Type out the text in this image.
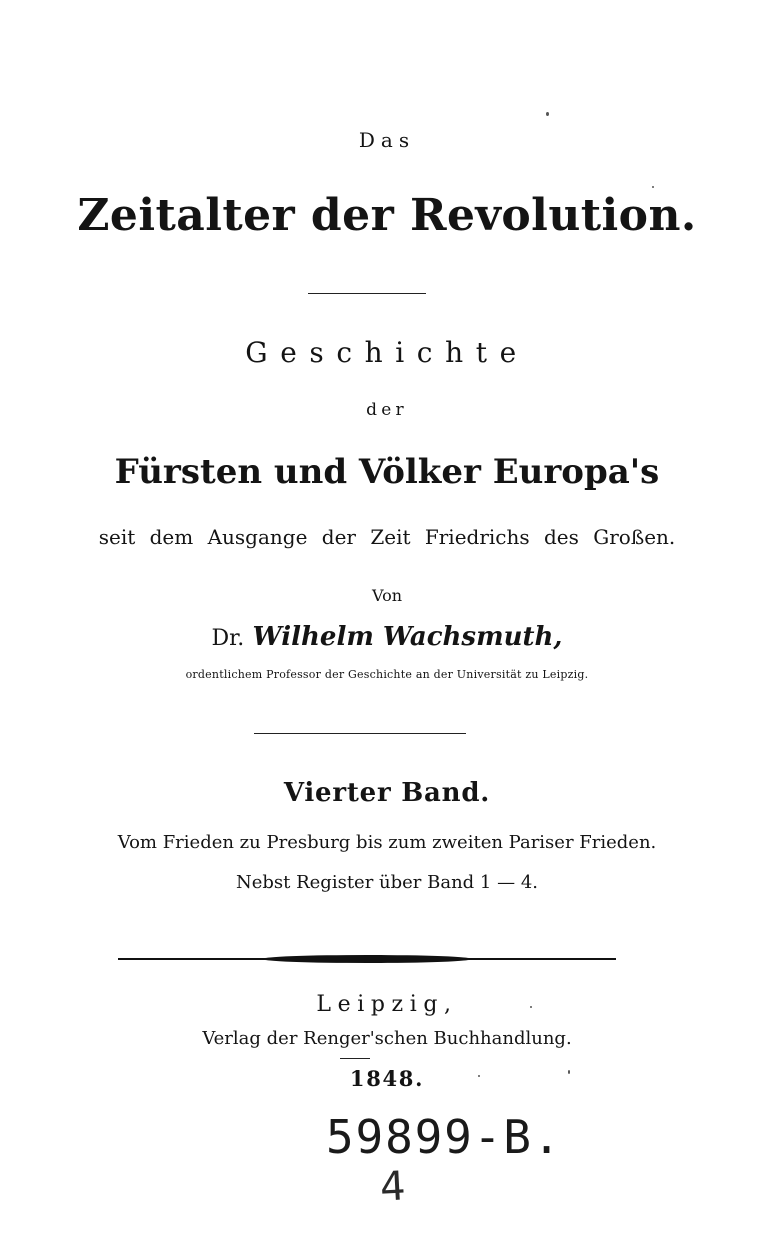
Das
Zeitalter der Revolution.
Geschichte
der
Fürsten und Völker Europa's
seit dem Ausgange der Zeit Friedrichs des Großen.
Von
Dr. Wilhelm Wachsmuth,
ordentlichem Professor der Geschichte an der Universität zu Leipzig.
Vierter Band.
Vom Frieden zu Presburg bis zum zweiten Pariser Frieden.
Nebst Register über Band 1 — 4.
Leipzig,
Verlag der Renger'schen Buchhandlung.
1848.
59899-B.
4
